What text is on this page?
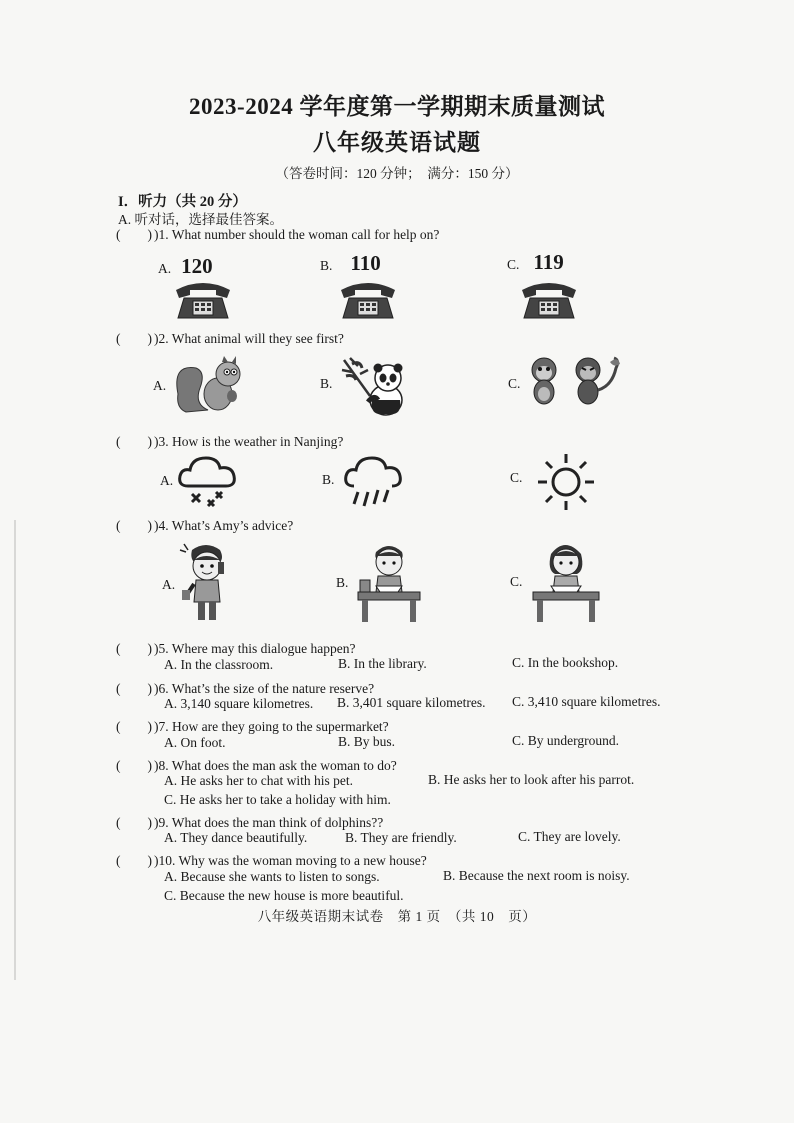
2023-2024 学年度第一学期期末质量测试
八年级英语试题
（答卷时间：120 分钟；　满分：150 分）
I．听力（共 20 分）
A. 听对话，选择最佳答案。
(　　) )1. What number should the woman call for help on?
A. 120	B. 110	C. 119
(　　) )2. What animal will they see first?
A.	B.	C.
(　　) )3. How is the weather in Nanjing?
A.	B.	C.
(　　) )4. What’s Amy’s advice?
A.	B.	C.
(　　) )5. Where may this dialogue happen?
A. In the classroom.	B. In the library.	C. In the bookshop.
(　　) )6. What’s the size of the nature reserve?
A. 3,140 square kilometres. B. 3,401 square kilometres. C. 3,410 square kilometres.
(　　) )7. How are they going to the supermarket?
A. On foot.	B. By bus.	C. By underground.
(　　) )8. What does the man ask the woman to do?
A. He asks her to chat with his pet.	B. He asks her to look after his parrot.
C. He asks her to take a holiday with him.
(　　) )9. What does the man think of dolphins??
A. They dance beautifully.	B. They are friendly.	C. They are lovely.
(　　) )10. Why was the woman moving to a new house?
A. Because she wants to listen to songs.	B. Because the next room is noisy.
C. Because the new house is more beautiful.
八年级英语期末试卷　第 1 页　（共 10　页）
